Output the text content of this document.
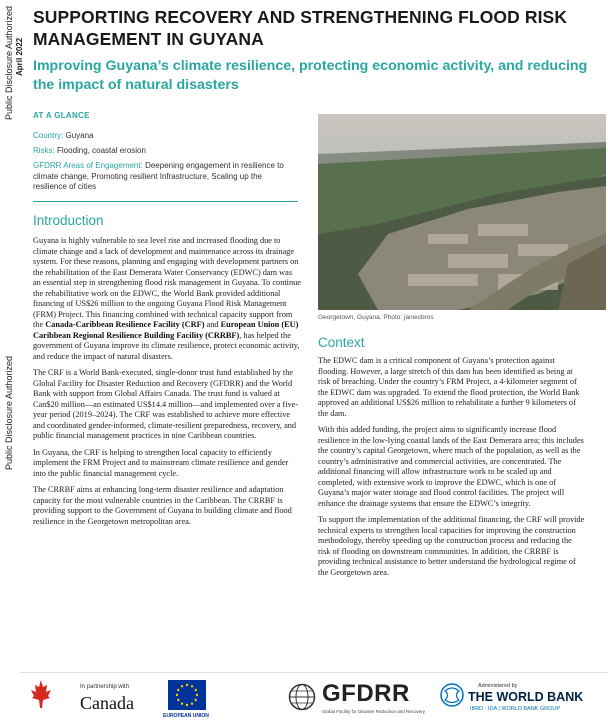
Public Disclosure Authorized April 2022
Public Disclosure Authorized
SUPPORTING RECOVERY AND STRENGTHENING FLOOD RISK MANAGEMENT IN GUYANA
Improving Guyana’s climate resilience, protecting economic activity, and reducing the impact of natural disasters
AT A GLANCE
Country: Guyana
Risks: Flooding, coastal erosion
GFDRR Areas of Engagement: Deepening engagement in resilience to climate change, Promoting resilient Infrastructure, Scaling up the resilience of cities
Introduction

Guyana is highly vulnerable to sea level rise and increased flooding due to climate change and a lack of development and maintenance across its drainage system. For these reasons, planning and engaging with development partners on the rehabilitation of the East Demerara Water Conservancy (EDWC) dam was an essential step in strengthening flood risk management in Guyana. To continue the rehabilitative work on the EDWC, the World Bank provided additional financing of US$26 million to the ongoing Guyana Flood Risk Management (FRM) Project. This financing combined with technical capacity support from the Canada-Caribbean Resilience Facility (CRF) and European Union (EU) Caribbean Regional Resilience Building Facility (CRRBF), has helped the government of Guyana improve its climate resilience, protect economic activity, and reduce the impact of natural disasters.

The CRF is a World Bank-executed, single-donor trust fund established by the Global Facility for Disaster Reduction and Recovery (GFDRR) and the World Bank with support from Global Affairs Canada. The trust fund is valued at Can$20 million—an estimated US$14.4 million—and implemented over a five-year period (2019–2024). The CRF was established to achieve more effective and coordinated gender-informed, climate-resilient preparedness, recovery, and public financial management practices in nine Caribbean countries.

In Guyana, the CRF is helping to strengthen local capacity to efficiently implement the FRM Project and to mainstream climate resilience and gender into the public financial management cycle.

The CRRBF aims at enhancing long-term disaster resilience and adaptation capacity for the most vulnerable countries in the Caribbean. The CRRBF is providing support to the Government of Guyana in building climate and flood resilience in the Georgetown metropolitan area.

Georgetown, Guyana. Photo: janiecbros
Context

The EDWC dam is a critical component of Guyana’s protection against flooding. However, a large stretch of this dam has been identified as being at risk of breaching. Under the country’s FRM Project, a 4-kilometer segment of the EDWC dam was upgraded. To extend the flood protection, the World Bank approved an additional US$26 million to rehabilitate a further 9 kilometers of the dam.

With this added funding, the project aims to significantly increase flood resilience in the low-lying coastal lands of the East Demerara area; this includes the country’s capital Georgetown, where much of the population, as well as the country’s administrative and commercial activities, are concentrated. The additional financing will allow infrastructure work to be scaled up and completed, with extensive work to improve the EDWC, which is one of Guyana’s major water storage and flood control facilities. The project will enhance the drainage systems that ensure the EDWC’s integrity.

To support the implementation of the additional financing, the CRF will provide technical experts to strengthen local capacities for improving the construction methodology, thereby speeding up the construction process and reducing the risk of flooding on downstream communities. In addition, the CRRBF is providing technical assistance to better understand the hydrological regime of the Georgetown area.

In partnership with
Canada
EUROPEAN UNION
GFDRR
Global Facility for Disaster Reduction and Recovery
Administered by
THE WORLD BANK
IBRD · IDA | WORLD BANK GROUP
